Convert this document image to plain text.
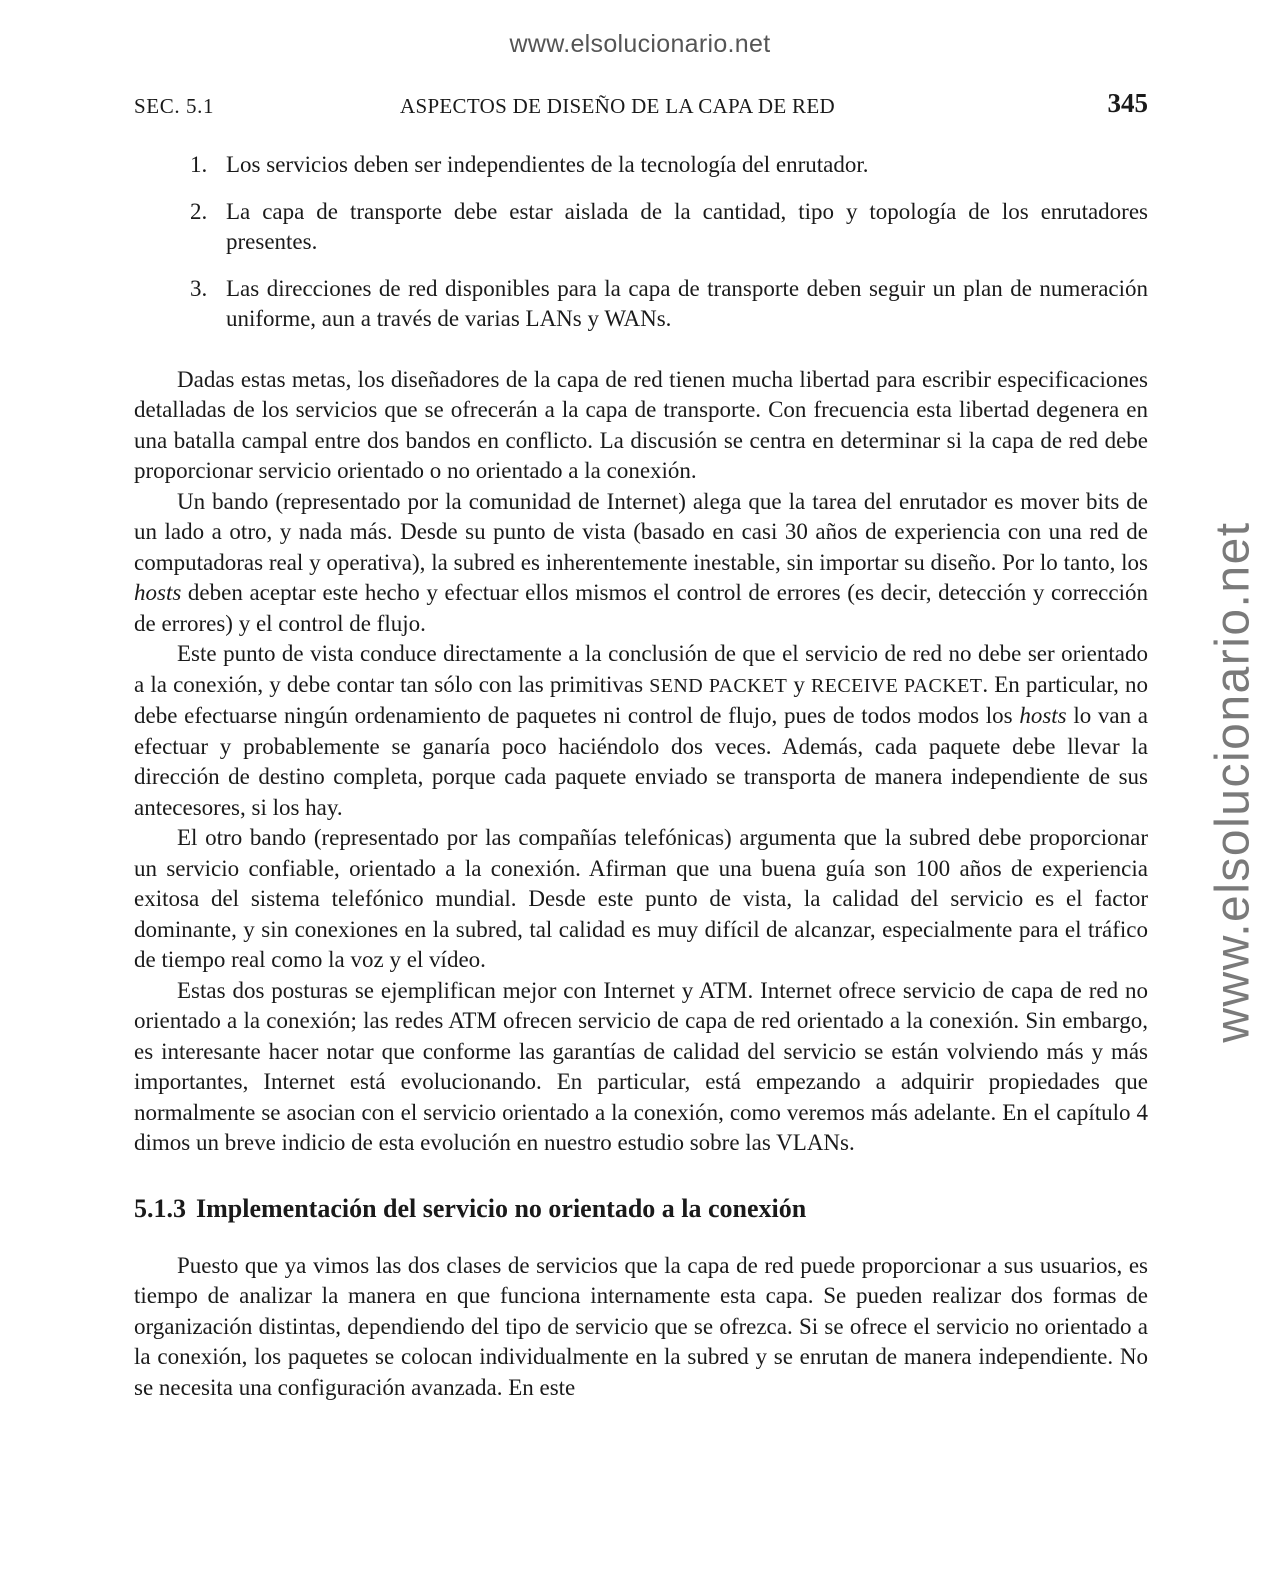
www.elsolucionario.net
www.elsolucionario.net
SEC. 5.1	ASPECTOS DE DISEÑO DE LA CAPA DE RED	345
1. Los servicios deben ser independientes de la tecnología del enrutador.
2. La capa de transporte debe estar aislada de la cantidad, tipo y topología de los enrutadores presentes.
3. Las direcciones de red disponibles para la capa de transporte deben seguir un plan de numeración uniforme, aun a través de varias LANs y WANs.

Dadas estas metas, los diseñadores de la capa de red tienen mucha libertad para escribir especificaciones detalladas de los servicios que se ofrecerán a la capa de transporte. Con frecuencia esta libertad degenera en una batalla campal entre dos bandos en conflicto. La discusión se centra en determinar si la capa de red debe proporcionar servicio orientado o no orientado a la conexión.

Un bando (representado por la comunidad de Internet) alega que la tarea del enrutador es mover bits de un lado a otro, y nada más. Desde su punto de vista (basado en casi 30 años de experiencia con una red de computadoras real y operativa), la subred es inherentemente inestable, sin importar su diseño. Por lo tanto, los hosts deben aceptar este hecho y efectuar ellos mismos el control de errores (es decir, detección y corrección de errores) y el control de flujo.

Este punto de vista conduce directamente a la conclusión de que el servicio de red no debe ser orientado a la conexión, y debe contar tan sólo con las primitivas SEND PACKET y RECEIVE PACKET. En particular, no debe efectuarse ningún ordenamiento de paquetes ni control de flujo, pues de todos modos los hosts lo van a efectuar y probablemente se ganaría poco haciéndolo dos veces. Además, cada paquete debe llevar la dirección de destino completa, porque cada paquete enviado se transporta de manera independiente de sus antecesores, si los hay.

El otro bando (representado por las compañías telefónicas) argumenta que la subred debe proporcionar un servicio confiable, orientado a la conexión. Afirman que una buena guía son 100 años de experiencia exitosa del sistema telefónico mundial. Desde este punto de vista, la calidad del servicio es el factor dominante, y sin conexiones en la subred, tal calidad es muy difícil de alcanzar, especialmente para el tráfico de tiempo real como la voz y el vídeo.

Estas dos posturas se ejemplifican mejor con Internet y ATM. Internet ofrece servicio de capa de red no orientado a la conexión; las redes ATM ofrecen servicio de capa de red orientado a la conexión. Sin embargo, es interesante hacer notar que conforme las garantías de calidad del servicio se están volviendo más y más importantes, Internet está evolucionando. En particular, está empezando a adquirir propiedades que normalmente se asocian con el servicio orientado a la conexión, como veremos más adelante. En el capítulo 4 dimos un breve indicio de esta evolución en nuestro estudio sobre las VLANs.

5.1.3 Implementación del servicio no orientado a la conexión

Puesto que ya vimos las dos clases de servicios que la capa de red puede proporcionar a sus usuarios, es tiempo de analizar la manera en que funciona internamente esta capa. Se pueden realizar dos formas de organización distintas, dependiendo del tipo de servicio que se ofrezca. Si se ofrece el servicio no orientado a la conexión, los paquetes se colocan individualmente en la subred y se enrutan de manera independiente. No se necesita una configuración avanzada. En este
